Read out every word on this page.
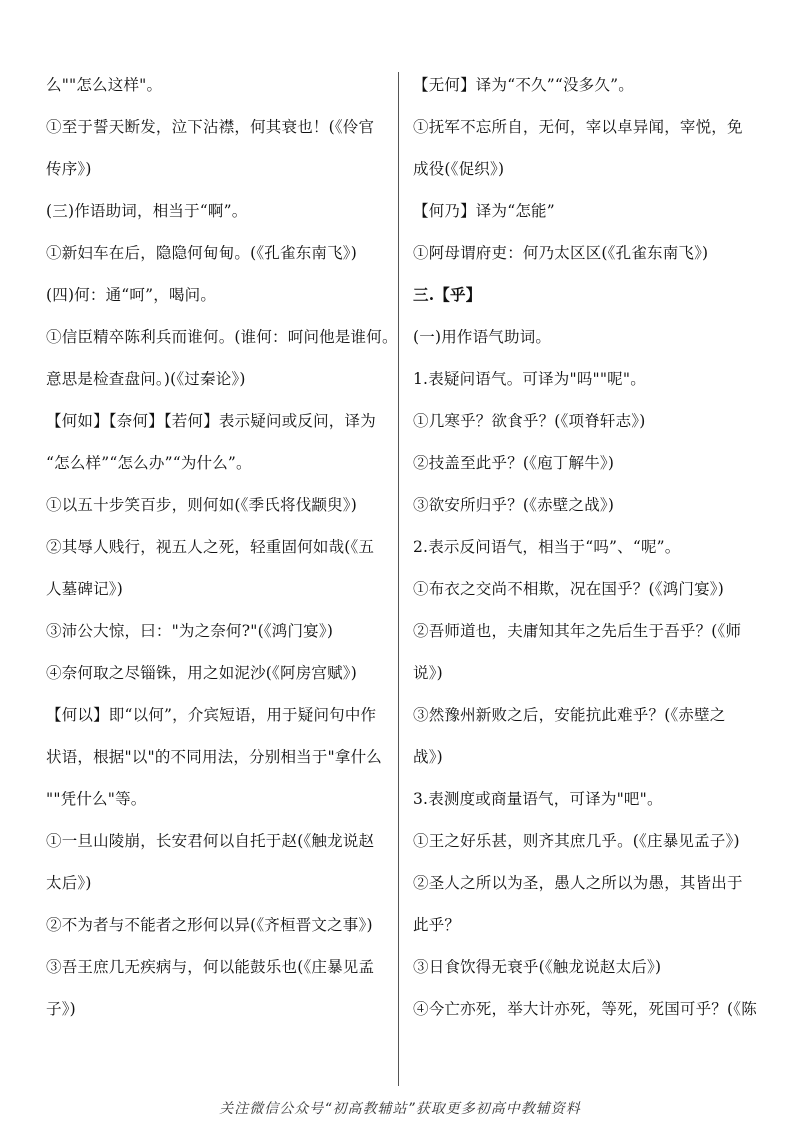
么""怎么这样"。
①至于誓天断发，泣下沾襟，何其衰也！(《伶官
传序》)
(三)作语助词，相当于“啊”。
①新妇车在后，隐隐何甸甸。(《孔雀东南飞》)
(四)何：通“呵”，喝问。
①信臣精卒陈利兵而谁何。(谁何：呵问他是谁何。
意思是检查盘问。)(《过秦论》)
【何如】【奈何】【若何】表示疑问或反问，译为
“怎么样”“怎么办”“为什么”。
①以五十步笑百步，则何如(《季氏将伐颛臾》)
②其辱人贱行，视五人之死，轻重固何如哉(《五
人墓碑记》)
③沛公大惊，曰："为之奈何?"(《鸿门宴》)
④奈何取之尽锱铢，用之如泥沙(《阿房宫赋》)
【何以】即“以何”，介宾短语，用于疑问句中作
状语，根据"以"的不同用法，分别相当于"拿什么
""凭什么"等。
①一旦山陵崩，长安君何以自托于赵(《触龙说赵
太后》)
②不为者与不能者之形何以异(《齐桓晋文之事》)
③吾王庶几无疾病与，何以能鼓乐也(《庄暴见孟
子》)
【无何】译为“不久”“没多久”。
①抚军不忘所自，无何，宰以卓异闻，宰悦，免
成役(《促织》)
【何乃】译为“怎能”
①阿母谓府吏：何乃太区区(《孔雀东南飞》)
三.【乎】
(一)用作语气助词。
1.表疑问语气。可译为"吗""呢"。
①几寒乎？欲食乎？(《项脊轩志》)
②技盖至此乎？(《庖丁解牛》)
③欲安所归乎？(《赤壁之战》)
2.表示反问语气，相当于“吗”、“呢”。
①布衣之交尚不相欺，况在国乎？(《鸿门宴》)
②吾师道也，夫庸知其年之先后生于吾乎？(《师
说》)
③然豫州新败之后，安能抗此难乎？(《赤壁之
战》)
3.表测度或商量语气，可译为"吧"。
①王之好乐甚，则齐其庶几乎。(《庄暴见孟子》)
②圣人之所以为圣，愚人之所以为愚，其皆出于
此乎？
③日食饮得无衰乎(《触龙说赵太后》)
④今亡亦死，举大计亦死，等死，死国可乎？(《陈
关注微信公众号“初高教辅站”获取更多初高中教辅资料
